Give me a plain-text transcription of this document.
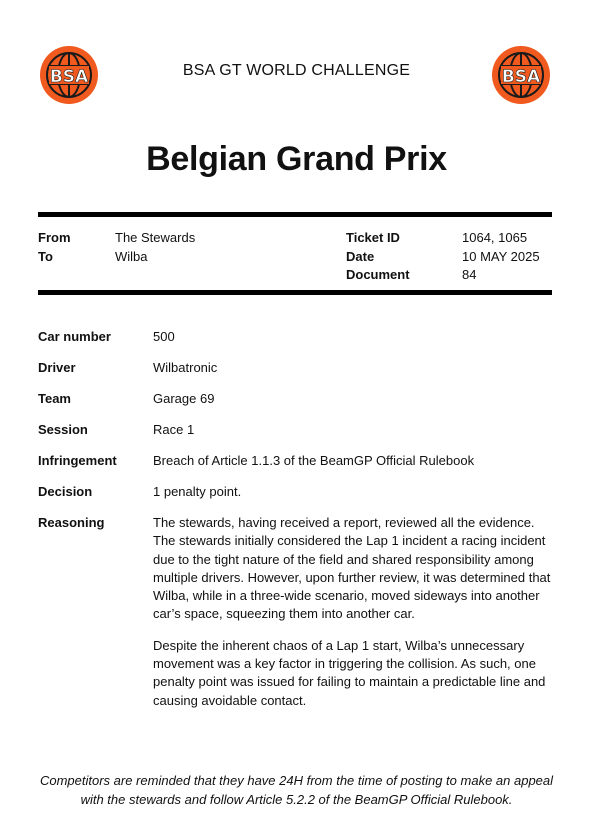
BSA	BSA
BSA GT WORLD CHALLENGE
Belgian Grand Prix
From	The Stewards
To	Wilba
Ticket ID	1064, 1065
Date	10 MAY 2025
Document	84
Car number	500
Driver	Wilbatronic
Team	Garage 69
Session	Race 1
Infringement	Breach of Article 1.1.3 of the BeamGP Official Rulebook
Decision	1 penalty point.
Reasoning	The stewards, having received a report, reviewed all the evidence. The stewards initially considered the Lap 1 incident a racing incident due to the tight nature of the field and shared responsibility among multiple drivers. However, upon further review, it was determined that Wilba, while in a three-wide scenario, moved sideways into another car’s space, squeezing them into another car.

Despite the inherent chaos of a Lap 1 start, Wilba’s unnecessary movement was a key factor in triggering the collision. As such, one penalty point was issued for failing to maintain a predictable line and causing avoidable contact.

Competitors are reminded that they have 24H from the time of posting to make an appeal with the stewards and follow Article 5.2.2 of the BeamGP Official Rulebook.
